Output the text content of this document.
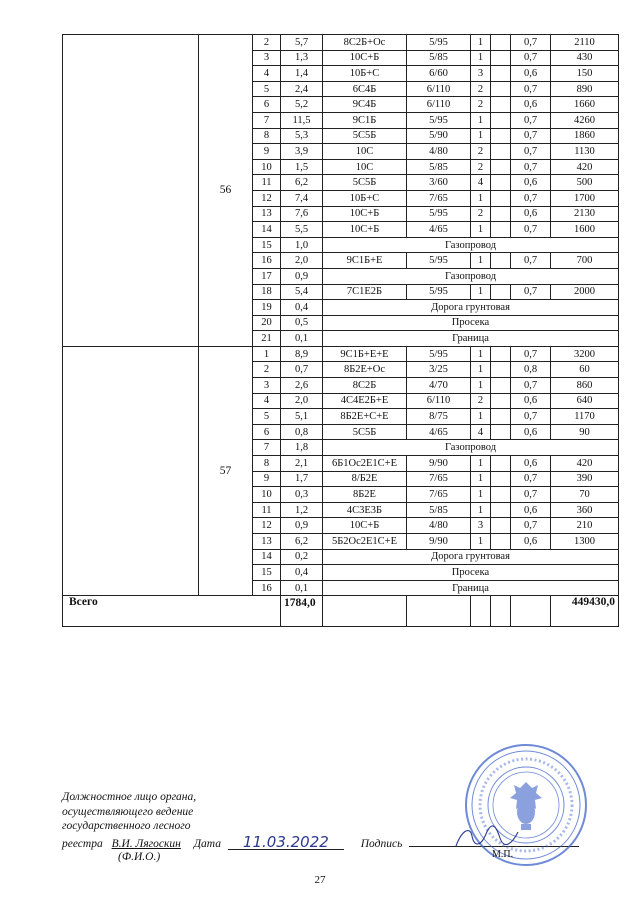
	56	2	5,7	8С2Б+Ос	5/95	1		0,7	2110
		3	1,3	10С+Б	5/85	1		0,7	430
		4	1,4	10Б+С	6/60	3		0,6	150
		5	2,4	6С4Б	6/110	2		0,7	890
		6	5,2	9С4Б	6/110	2		0,6	1660
		7	11,5	9С1Б	5/95	1		0,7	4260
		8	5,3	5С5Б	5/90	1		0,7	1860
		9	3,9	10С	4/80	2		0,7	1130
		10	1,5	10С	5/85	2		0,7	420
		11	6,2	5С5Б	3/60	4		0,6	500
		12	7,4	10Б+С	7/65	1		0,7	1700
		13	7,6	10С+Б	5/95	2		0,6	2130
		14	5,5	10С+Б	4/65	1		0,7	1600
		15	1,0	Газопровод					
		16	2,0	9С1Б+Е	5/95	1		0,7	700
		17	0,9	Газопровод					
		18	5,4	7С1Е2Б	5/95	1		0,7	2000
		19	0,4	Дорога грунтовая					
		20	0,5	Просека					
		21	0,1	Граница					
	57	1	8,9	9С1Б+Е+Е	5/95	1		0,7	3200
		2	0,7	8Б2Е+Ос	3/25	1		0,8	60
		3	2,6	8С2Б	4/70	1		0,7	860
		4	2,0	4С4Е2Б+Е	6/110	2		0,6	640
		5	5,1	8Б2Е+С+Е	8/75	1		0,7	1170
		6	0,8	5С5Б	4/65	4		0,6	90
		7	1,8	Газопровод					
		8	2,1	6Б1Ос2Е1С+Е	9/90	1		0,6	420
		9	1,7	8/Б2Е	7/65	1		0,7	390
		10	0,3	8Б2Е	7/65	1		0,7	70
		11	1,2	4С3Е3Б	5/85	1		0,6	360
		12	0,9	10С+Б	4/80	3		0,7	210
		13	6,2	5Б2Ос2Е1С+Е	9/90	1		0,6	1300
		14	0,2	Дорога грунтовая					
		15	0,4	Просека					
		16	0,1	Граница					
Всего			1784,0						449430,0
Должностное лицо органа,
осуществляющего ведение
государственного лесного
реестра В.И. Лягоскин Дата 11.03.2022	Подпись
(Ф.И.О.)	М.П.
27
